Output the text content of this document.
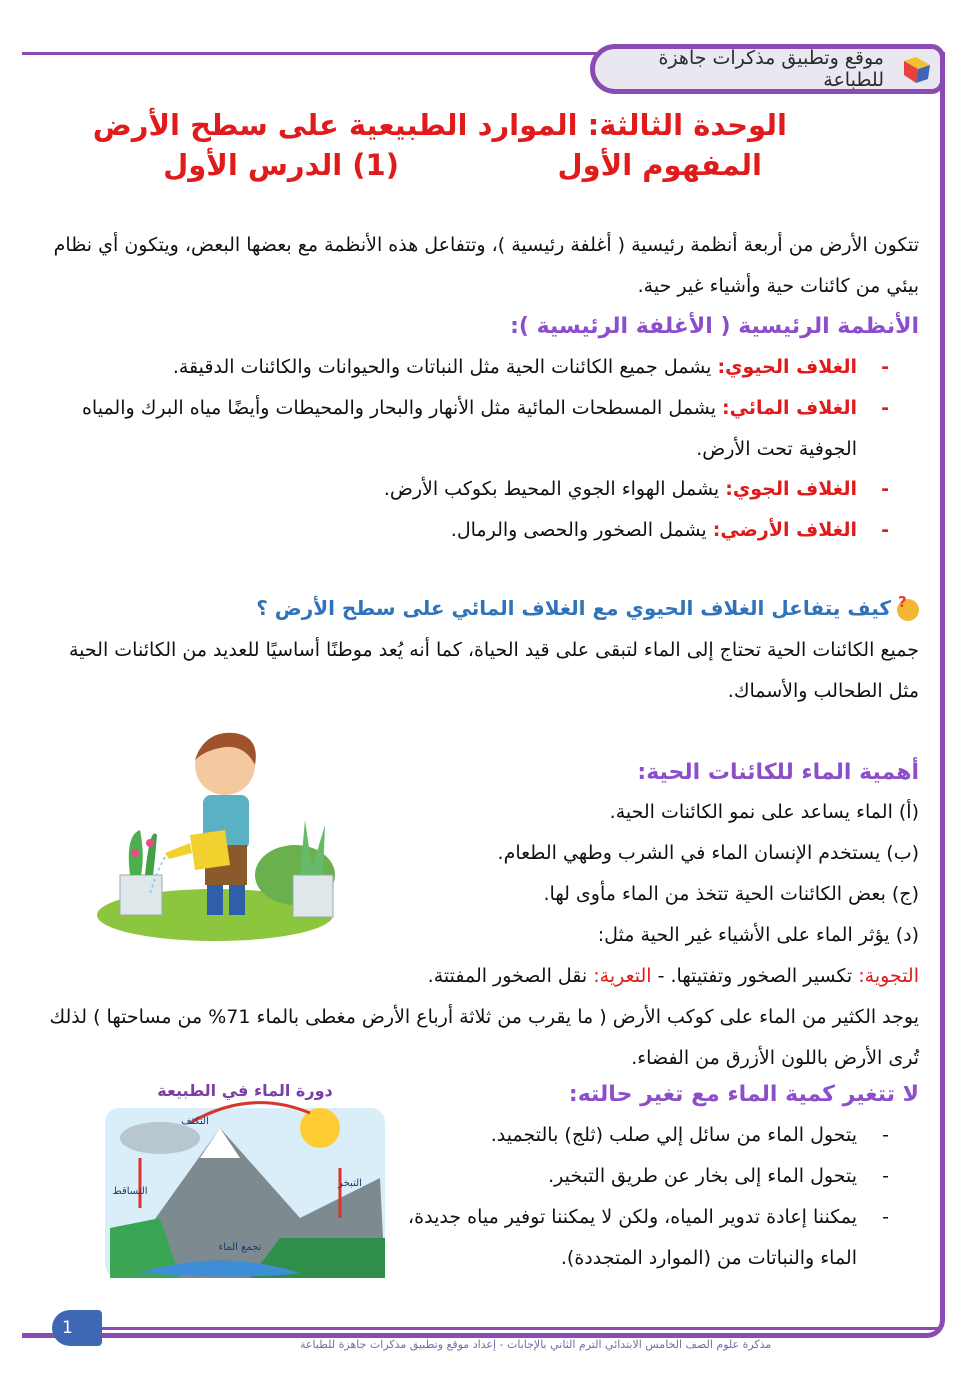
موقع وتطبيق مذكرات جاهزة للطباعة
الوحدة الثالثة: الموارد الطبيعية على سطح الأرض
المفهوم الأول
(1) الدرس الأول
تتكون الأرض من أربعة أنظمة رئيسية ( أغلفة رئيسية )، وتتفاعل هذه الأنظمة مع بعضها البعض، ويتكون أي نظام بيئي من كائنات حية وأشياء غير حية.
الأنظمة الرئيسية ( الأغلفة الرئيسية ):
-
الغلاف الحيوي: يشمل جميع الكائنات الحية مثل النباتات والحيوانات والكائنات الدقيقة.
-
الغلاف المائي: يشمل المسطحات المائية مثل الأنهار والبحار والمحيطات وأيضًا مياه البرك والمياه الجوفية تحت الأرض.
-
الغلاف الجوي: يشمل الهواء الجوي المحيط بكوكب الأرض.
-
الغلاف الأرضي: يشمل الصخور والحصى والرمال.
?كيف يتفاعل الغلاف الحيوي مع الغلاف المائي على سطح الأرض ؟
جميع الكائنات الحية تحتاج إلى الماء لتبقى على قيد الحياة، كما أنه يُعد موطنًا أساسيًا للعديد من الكائنات الحية مثل الطحالب والأسماك.
أهمية الماء للكائنات الحية:
(أ) الماء يساعد على نمو الكائنات الحية.
(ب) يستخدم الإنسان الماء في الشرب وطهي الطعام.
(ج) بعض الكائنات الحية تتخذ من الماء مأوى لها.
(د) يؤثر الماء على الأشياء غير الحية مثل:
التجوية: تكسير الصخور وتفتيتها. - التعرية: نقل الصخور المفتتة.
يوجد الكثير من الماء على كوكب الأرض ( ما يقرب من ثلاثة أرباع الأرض مغطى بالماء 71% من مساحتها ) لذلك تُرى الأرض باللون الأزرق من الفضاء.
لا تتغير كمية الماء مع تغير حالته:
-
يتحول الماء من سائل إلي صلب (ثلج) بالتجميد.
-
يتحول الماء إلى بخار عن طريق التبخير.
-
يمكننا إعادة تدوير المياه، ولكن لا يمكننا توفير مياه جديدة، الماء والنباتات من (الموارد المتجددة).
دورة الماء في الطبيعة
التكثف
التساقط
التبخر
تجمع الماء
1
مذكرة علوم الصف الخامس الابتدائي الترم الثاني بالإجابات - إعداد موقع وتطبيق مذكرات جاهزة للطباعة
